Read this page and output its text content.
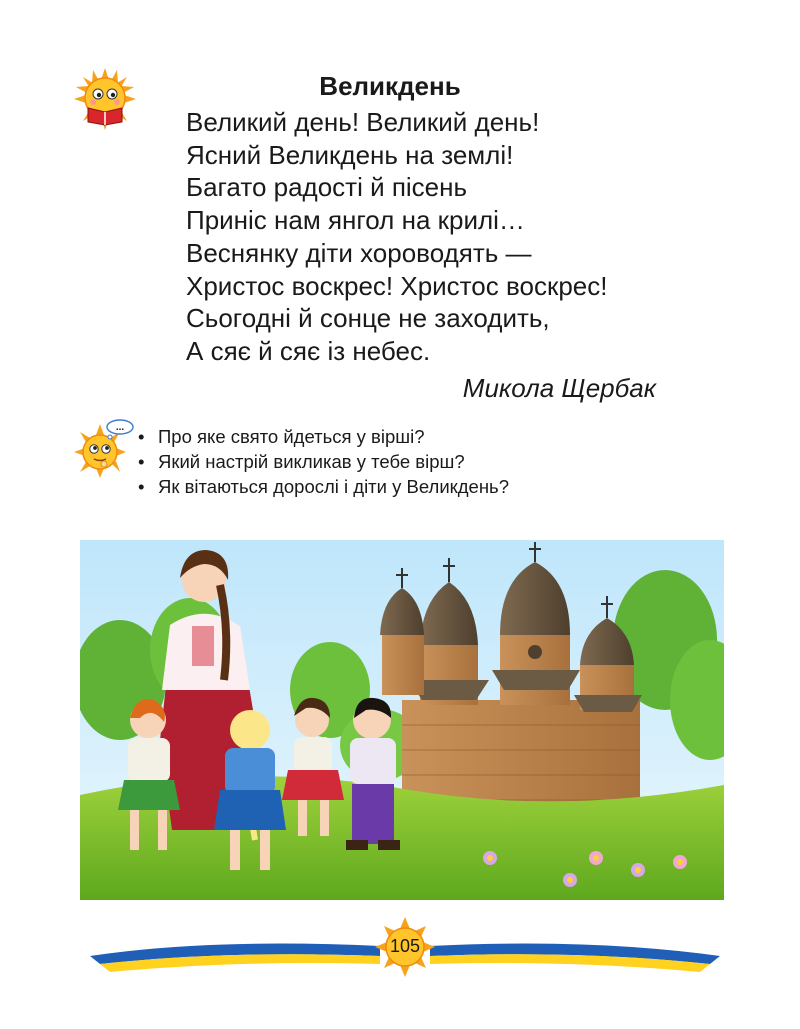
Великдень
Великий день! Великий день!
Ясний Великдень на землі!
Багато радості й пісень
Приніс нам янгол на крилі…
Веснянку діти хороводять —
Христос воскрес! Христос воскрес!
Сьогодні й сонце не заходить,
А сяє й сяє із небес.
Микола Щербак
...
•	Про яке свято йдеться у вірші?
• Який настрій викликав у тебе вірш?
• Як вітаються дорослі і діти у Великдень?
105
